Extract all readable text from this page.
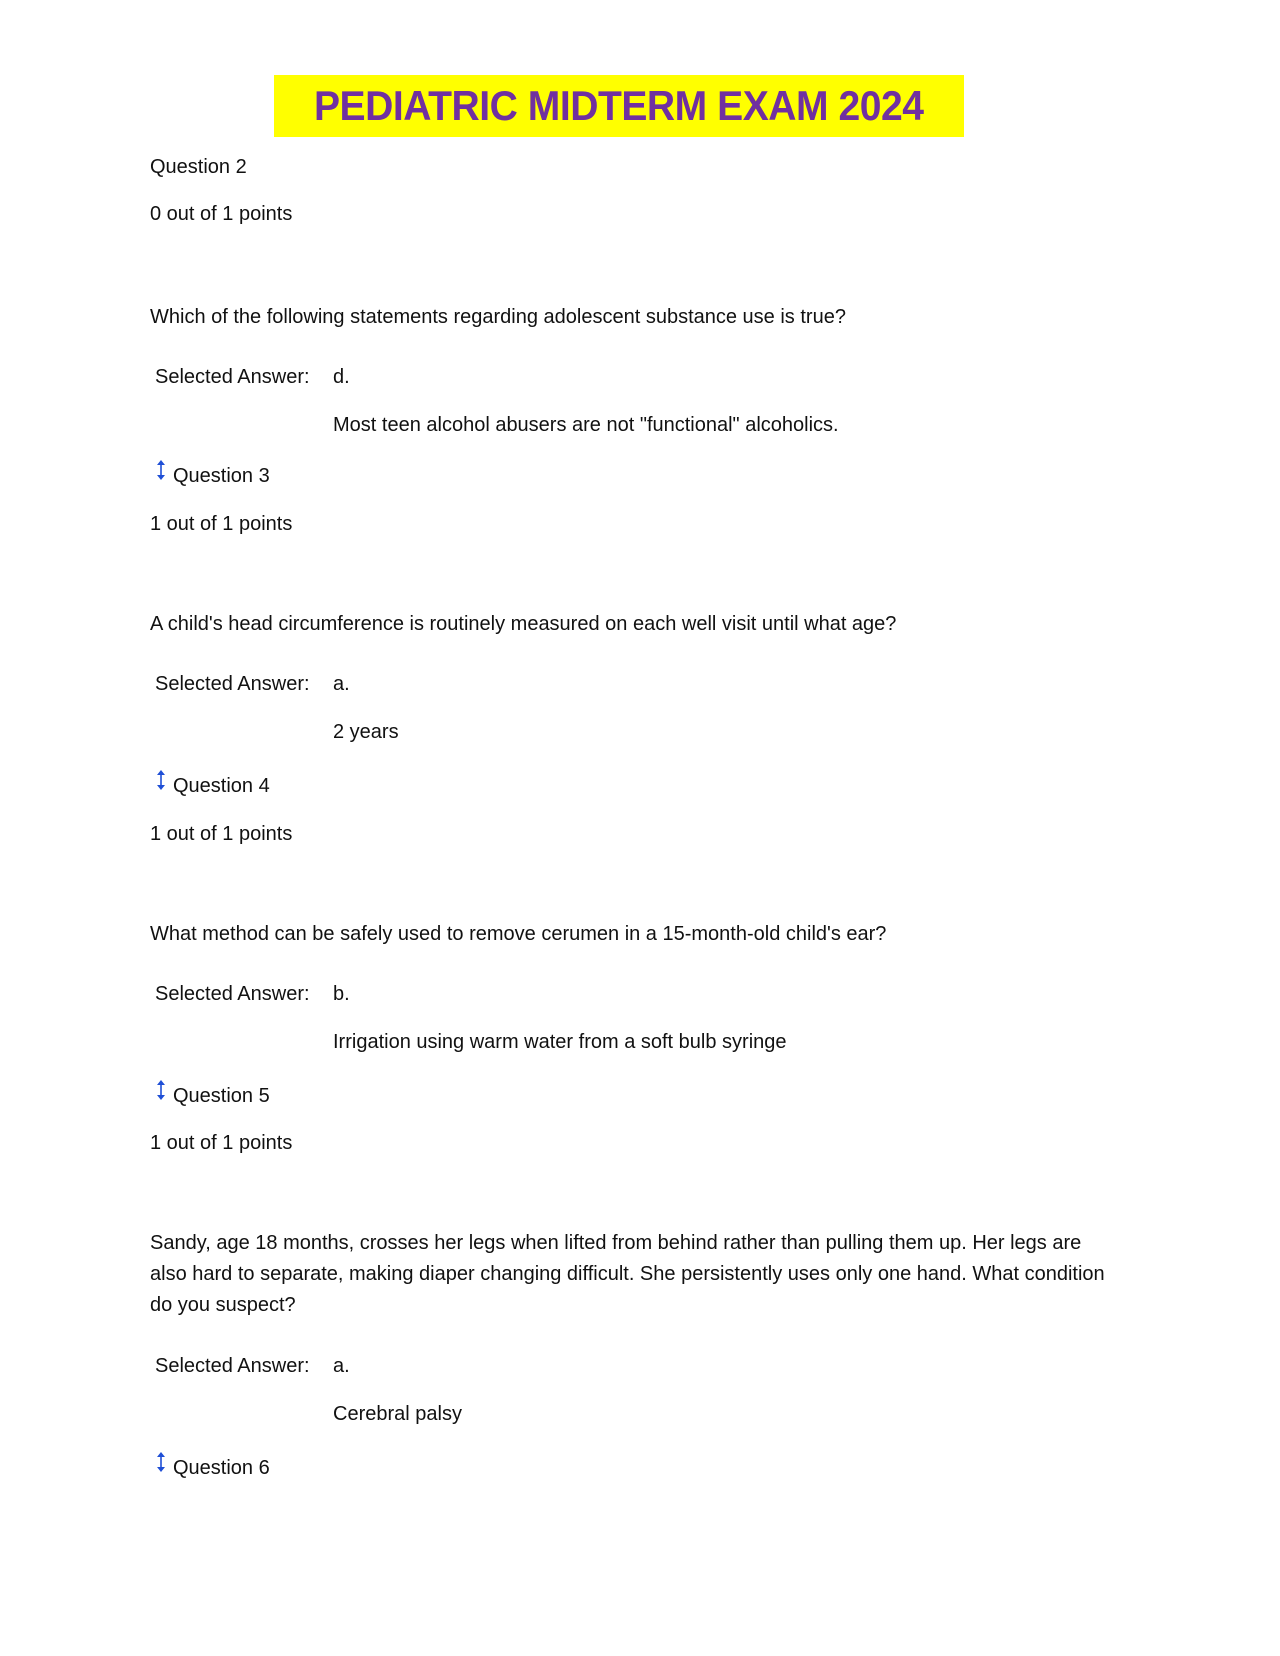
PEDIATRIC MIDTERM EXAM 2024
Question 2
0 out of 1 points
Which of the following statements regarding adolescent substance use is true?
Selected Answer: d.
Most teen alcohol abusers are not "functional" alcoholics.
Question 3
1 out of 1 points
A child's head circumference is routinely measured on each well visit until what age?
Selected Answer: a.
2 years
Question 4
1 out of 1 points
What method can be safely used to remove cerumen in a 15-month-old child's ear?
Selected Answer: b.
Irrigation using warm water from a soft bulb syringe
Question 5
1 out of 1 points
Sandy, age 18 months, crosses her legs when lifted from behind rather than pulling them up. Her legs are also hard to separate, making diaper changing difficult. She persistently uses only one hand. What condition do you suspect?
Selected Answer: a.
Cerebral palsy
Question 6
